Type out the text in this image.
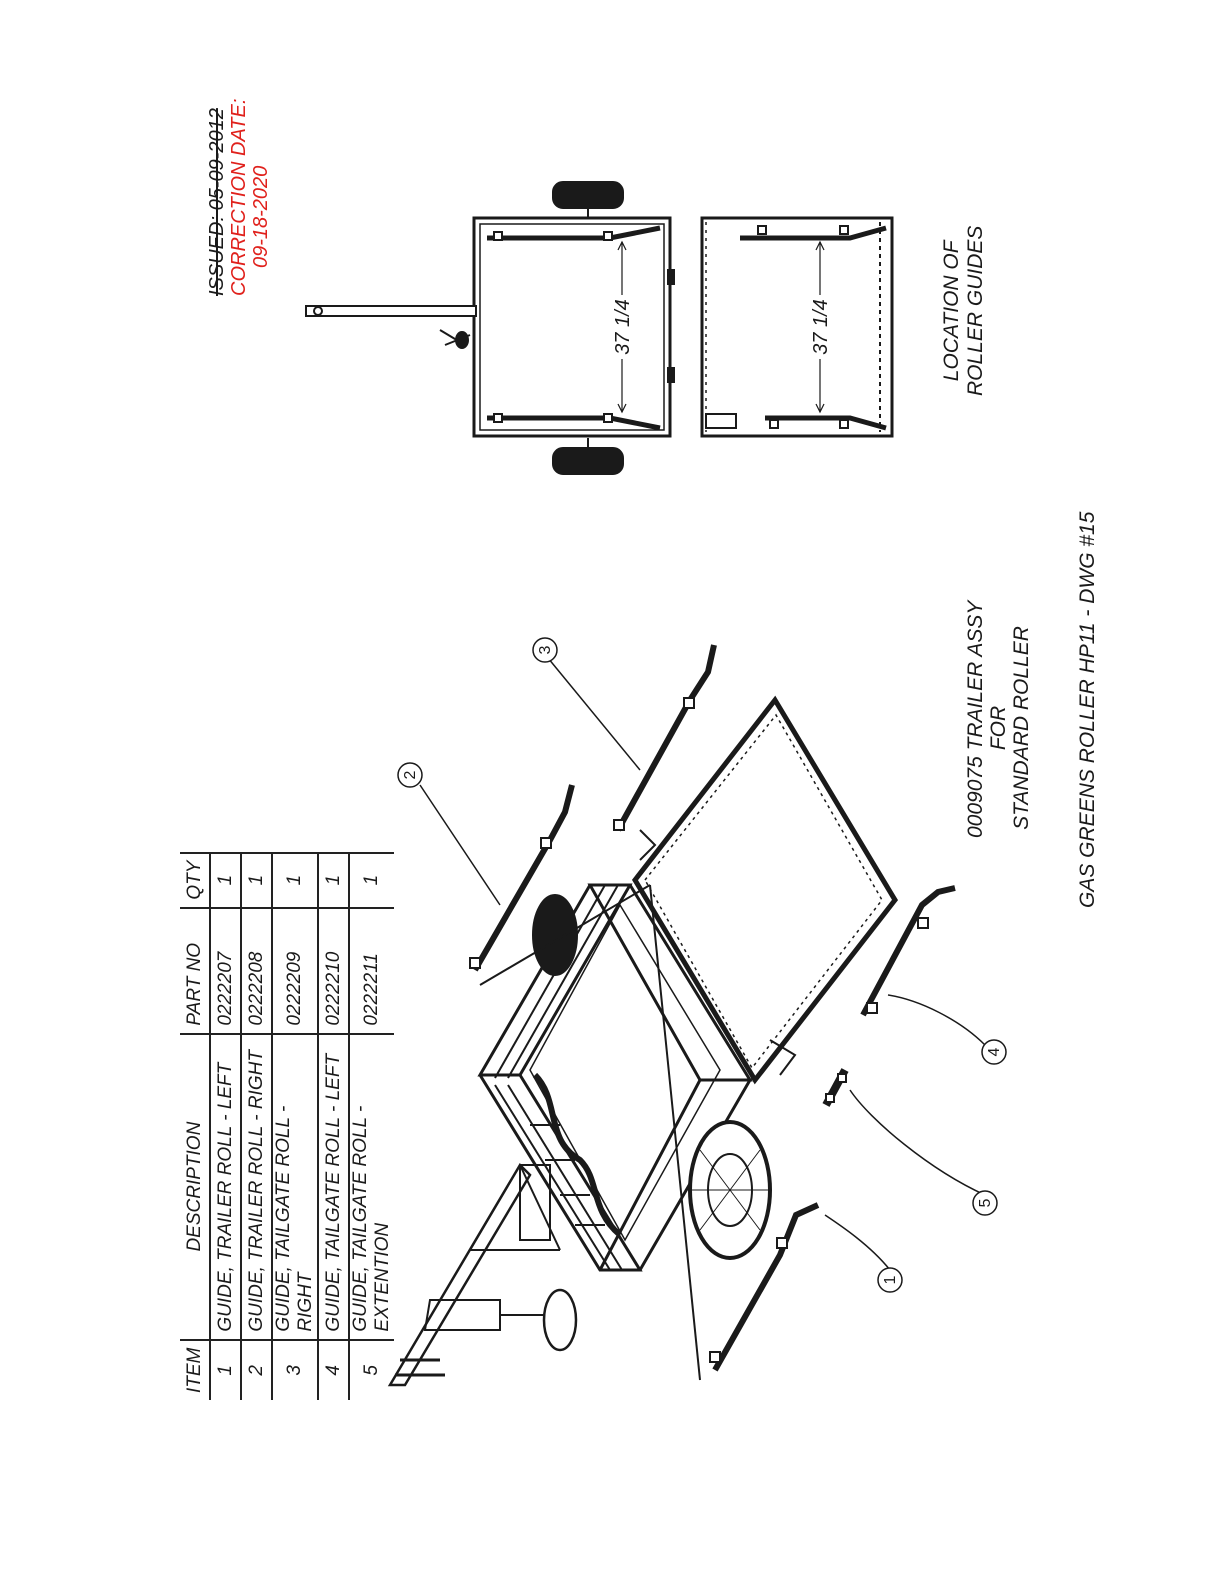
ISSUED: 05-09-2012 CORRECTION DATE: 09-18-2020
ITEM	DESCRIPTION	PART NO	QTY
1	GUIDE, TRAILER ROLL - LEFT	0222207	1
2	GUIDE, TRAILER ROLL - RIGHT	0222208	1
3	GUIDE, TAILGATE ROLL - RIGHT	0222209	1
4	GUIDE, TAILGATE ROLL - LEFT	0222210	1
5	GUIDE, TAILGATE ROLL - EXTENTION	0222211	1
2
3
4
5
1
37 1/4	37 1/4	LOCATION OF ROLLER GUIDES
0009075 TRAILER ASSY FOR STANDARD ROLLER GAS GREENS ROLLER HP11 - DWG #15
